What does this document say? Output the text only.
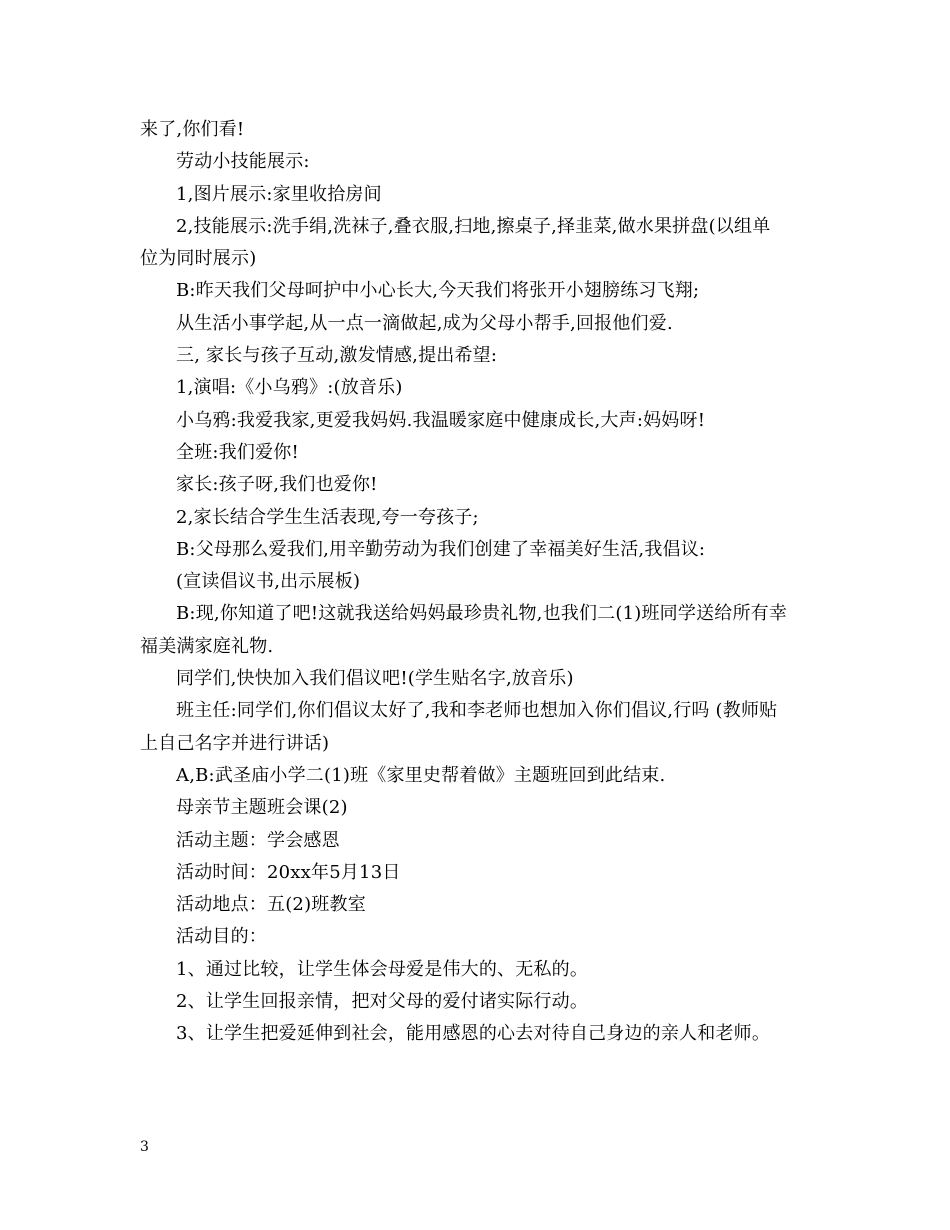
来了,你们看!
劳动小技能展示:
1,图片展示:家里收拾房间
2,技能展示:洗手绢,洗袜子,叠衣服,扫地,擦桌子,择韭菜,做水果拼盘(以组单
位为同时展示)
B:昨天我们父母呵护中小心长大,今天我们将张开小翅膀练习飞翔;
从生活小事学起,从一点一滴做起,成为父母小帮手,回报他们爱.
三, 家长与孩子互动,激发情感,提出希望:
1,演唱:《小乌鸦》:(放音乐)
小乌鸦:我爱我家,更爱我妈妈.我温暖家庭中健康成长,大声:妈妈呀!
全班:我们爱你!
家长:孩子呀,我们也爱你!
2,家长结合学生生活表现,夸一夸孩子;
B:父母那么爱我们,用辛勤劳动为我们创建了幸福美好生活,我倡议:
(宣读倡议书,出示展板)
B:现,你知道了吧!这就我送给妈妈最珍贵礼物,也我们二(1)班同学送给所有幸
福美满家庭礼物.
同学们,快快加入我们倡议吧!(学生贴名字,放音乐)
班主任:同学们,你们倡议太好了,我和李老师也想加入你们倡议,行吗 (教师贴
上自己名字并进行讲话)
A,B:武圣庙小学二(1)班《家里史帮着做》主题班回到此结束.
母亲节主题班会课(2)
活动主题：学会感恩
活动时间：20xx年5月13日
活动地点：五(2)班教室
活动目的：
1、通过比较，让学生体会母爱是伟大的、无私的。
2、让学生回报亲情，把对父母的爱付诸实际行动。
3、让学生把爱延伸到社会，能用感恩的心去对待自己身边的亲人和老师。
3
